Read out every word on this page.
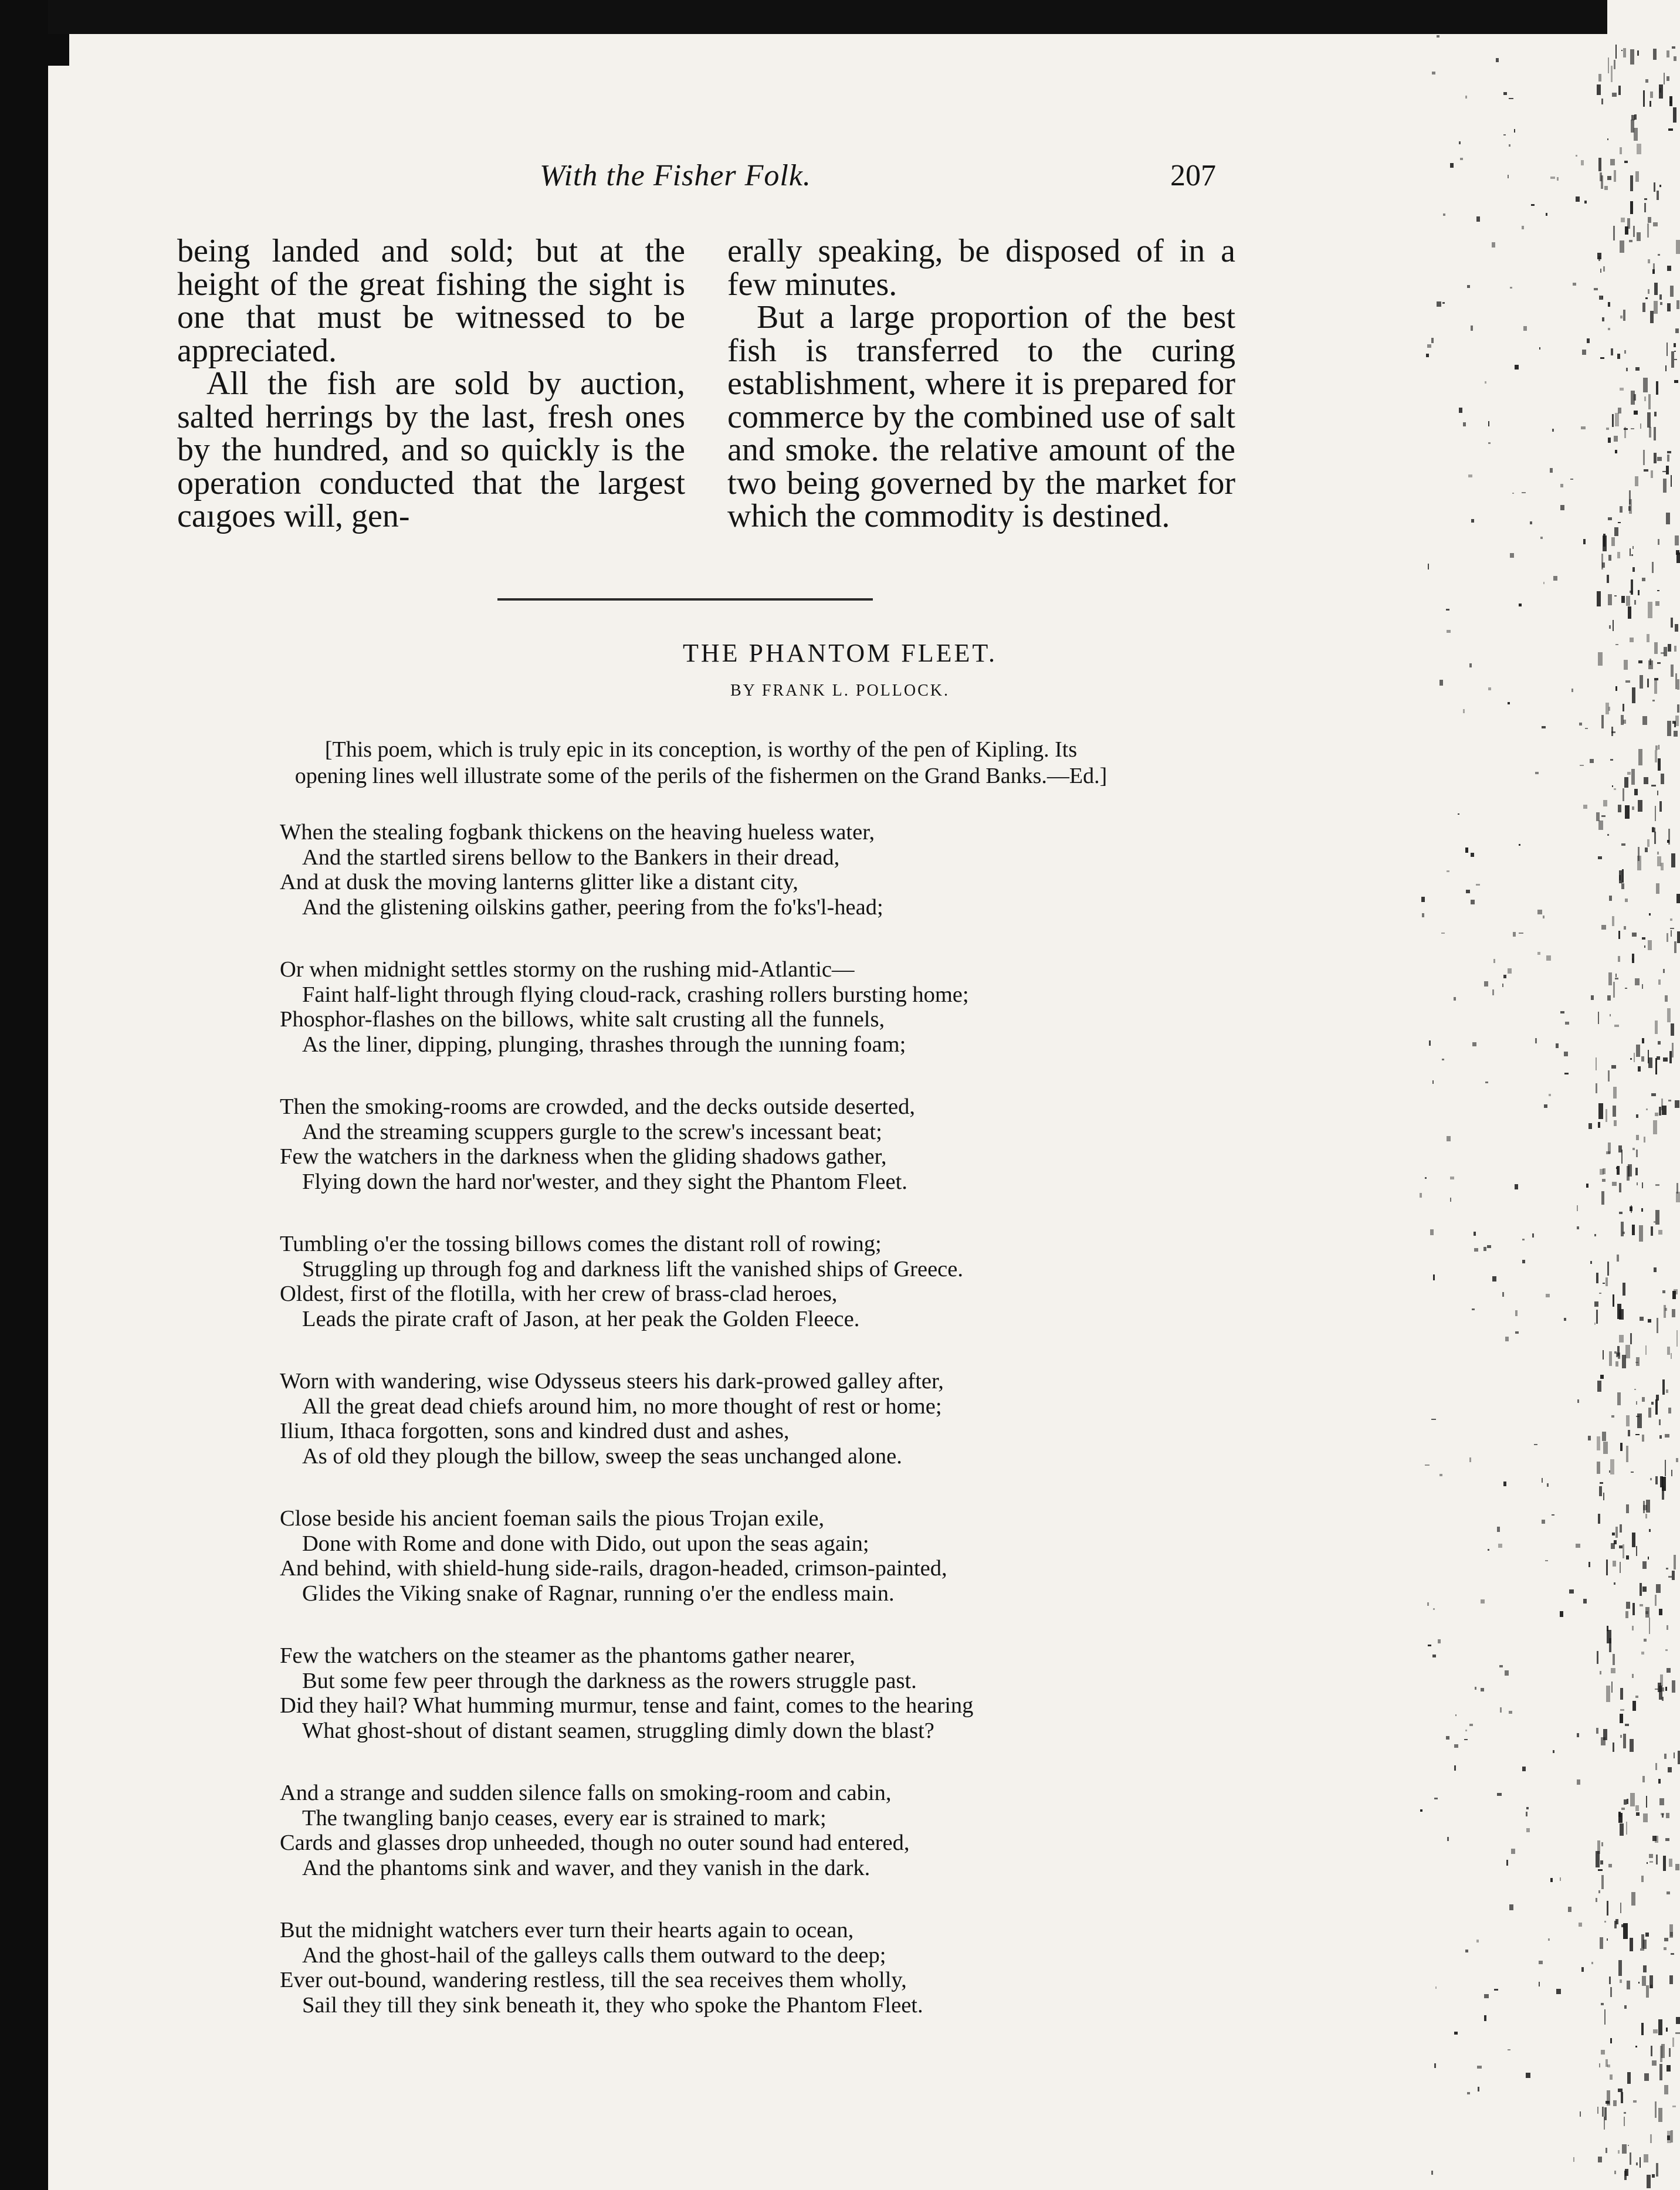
With the Fisher Folk.	207

being landed and sold; but at the height of the great fishing the sight is one that must be witnessed to be appreciated.

All the fish are sold by auction, salted herrings by the last, fresh ones by the hundred, and so quickly is the operation conducted that the largest caıgoes will, gen-

erally speaking, be disposed of in a few minutes.

But a large proportion of the best fish is transferred to the curing establishment, where it is prepared for commerce by the combined use of salt and smoke. the relative amount of the two being governed by the market for which the commodity is destined.

THE PHANTOM FLEET.
BY FRANK L. POLLOCK.
[This poem, which is truly epic in its conception, is worthy of the pen of Kipling. Its
opening lines well illustrate some of the perils of the fishermen on the Grand Banks.—Ed.]
When the stealing fogbank thickens on the heaving hueless water,
And the startled sirens bellow to the Bankers in their dread,
And at dusk the moving lanterns glitter like a distant city,
And the glistening oilskins gather, peering from the fo'ks'l-head;
Or when midnight settles stormy on the rushing mid-Atlantic—
Faint half-light through flying cloud-rack, crashing rollers bursting home;
Phosphor-flashes on the billows, white salt crusting all the funnels,
As the liner, dipping, plunging, thrashes through the ıunning foam;
Then the smoking-rooms are crowded, and the decks outside deserted,
And the streaming scuppers gurgle to the screw's incessant beat;
Few the watchers in the darkness when the gliding shadows gather,
Flying down the hard nor'wester, and they sight the Phantom Fleet.
Tumbling o'er the tossing billows comes the distant roll of rowing;
Struggling up through fog and darkness lift the vanished ships of Greece.
Oldest, first of the flotilla, with her crew of brass-clad heroes,
Leads the pirate craft of Jason, at her peak the Golden Fleece.
Worn with wandering, wise Odysseus steers his dark-prowed galley after,
All the great dead chiefs around him, no more thought of rest or home;
Ilium, Ithaca forgotten, sons and kindred dust and ashes,
As of old they plough the billow, sweep the seas unchanged alone.
Close beside his ancient foeman sails the pious Trojan exile,
Done with Rome and done with Dido, out upon the seas again;
And behind, with shield-hung side-rails, dragon-headed, crimson-painted,
Glides the Viking snake of Ragnar, running o'er the endless main.
Few the watchers on the steamer as the phantoms gather nearer,
But some few peer through the darkness as the rowers struggle past.
Did they hail? What humming murmur, tense and faint, comes to the hearing
What ghost-shout of distant seamen, struggling dimly down the blast?
And a strange and sudden silence falls on smoking-room and cabin,
The twangling banjo ceases, every ear is strained to mark;
Cards and glasses drop unheeded, though no outer sound had entered,
And the phantoms sink and waver, and they vanish in the dark.
But the midnight watchers ever turn their hearts again to ocean,
And the ghost-hail of the galleys calls them outward to the deep;
Ever out-bound, wandering restless, till the sea receives them wholly,
Sail they till they sink beneath it, they who spoke the Phantom Fleet.
